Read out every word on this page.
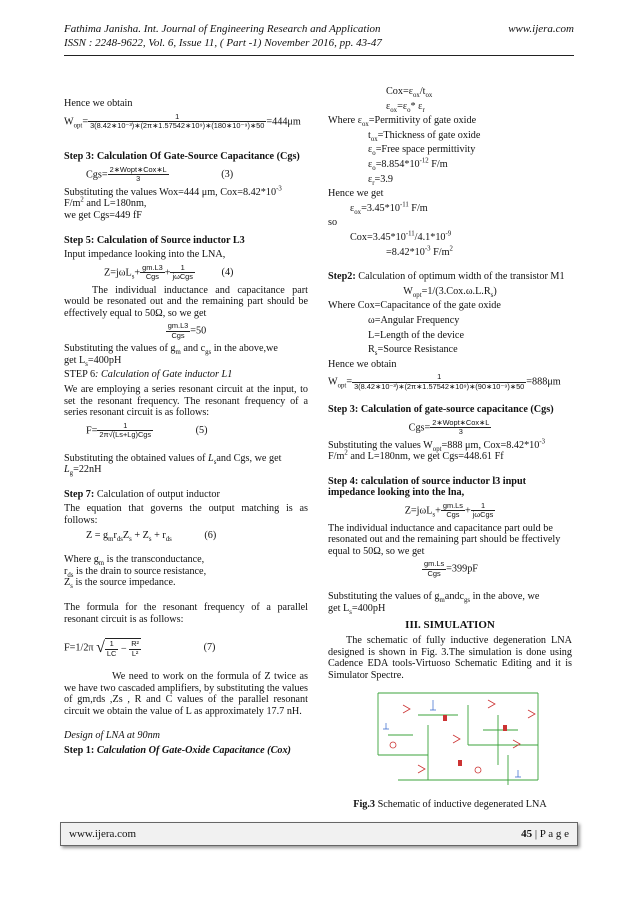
Fathima Janisha. Int. Journal of Engineering Research and Application	www.ijera.com
ISSN : 2248-9622, Vol. 6, Issue 11, ( Part -1) November 2016, pp. 43-47
Hence we obtain
$W_{opt}= \frac{1}{\text{3(8.42∗10⁻³)∗(2π∗1.57542∗10⁹)∗(180∗10⁻⁹)∗50}} =444\mu m$
Step 3: Calculation Of Gate-Source Capacitance (Cgs)
$Cgs= \frac{\text{2∗Wopt∗Cox∗L}}{3}$	(3)
Substituting the values Wox=444 μm, $Cox=8.42*10^{-3}$
$F/m^2$ and L=180nm,
we get Cgs=449 fF
Step 5: Calculation of Source inductor L3
Input impedance looking into the LNA,
$Z=j\omega L_s+ \frac{gm.L3}{\text{Cgs}} + \frac{1}{\text{jωCgs}}$	(4)
The individual inductance and capacitance part would be resonated out and the remaining part should be effectively equal to 50Ω, so we get
$\frac{gm.L3}{\text{Cgs}} =50$
Substituting the values of $g_m$ and $c_{gs}$ in the above,we
get $L_s=400pH$
STEP 6: Calculation of Gate inductor L1
We are employing a series resonant circuit at the input, to set the resonant frequency. The resonant frequency of a series resonant circuit is as follows:
$F= \frac{1}{\text{2π√(Ls+Lg)Cgs}}$	(5)
Substituting the obtained values of $L_sand$ Cgs, we get
$L_g=22nH$
Step 7: Calculation of output inductor
The equation that governs the output matching is as follows:
$Z = g_mr_{ds}Z_s + Z_s + r_{ds}$	(6)
Where $g_m$ is the transconductance,
$r_{ds}$ is the drain to source resistance,
$Z_s$ is the source impedance.
The formula for the resonant frequency of a parallel resonant circuit is as follows:
F=1/2π √ $\frac{1}{LC} - \frac{\text{R²}}{\text{L²}}$	(7)
We need to work on the formula of Z twice as we have two cascaded amplifiers, by substituting the values of gm,rds ,Zs , R and C values of the parallel resonant circuit we obtain the value of L as approximately 17.7 nH.
Design of LNA at 90nm
Step 1: Calculation Of Gate-Oxide Capacitance (Cox)
$Cox=\varepsilon_{ox}/t_{ox}$
$\varepsilon_{ox}=\varepsilon_o*$ $\varepsilon_r$
Where $\varepsilon_{ox}=Permitivity$ of gate oxide
$t_{ox}=Thickness$ of gate oxide
$\varepsilon_o=Free$ space permittivity
$\varepsilon_o=8.854*10^{-12}$ F/m
$\varepsilon_r=3.9$
Hence we get
$\varepsilon_{ox}=3.45*10^{-11}$ F/m
so
$Cox=3.45*10^{-11}/4.1*10^{-9}$
$=8.42*10^{-3}$ $F/m^2$
Step2: Calculation of optimum width of the transistor M1
$W_{opt}=1/(3.Cox.\omega.L.R_s)$
Where Cox=Capacitance of the gate oxide
ω=Angular Frequency
L=Length of the device
$R_s=Source$ Resistance
Hence we obtain
$W_{opt}= \frac{1}{\text{3(8.42∗10⁻³)∗(2π∗1.57542∗10⁹)∗(90∗10⁻⁹)∗50}} =888\mu m$
Step 3: Calculation of gate-source capacitance (Cgs)
$Cgs= \frac{\text{2∗Wopt∗Cox∗L}}{3}$
Substituting the values $W_{opt}=888$ μm, $Cox=8.42*10^{-3}$
$F/m^2$ and L=180nm, we get Cgs=448.61 Ff
Step 4: calculation of source inductor l3 input impedance looking into the lna,
$Z=j\omega L_s+ \frac{gm.Ls}{\text{Cgs}} + \frac{1}{\text{jωCgs}}$
The individual inductance and capacitance part ould be resonated out and the remaining part should be ffectively equal to 50Ω, so we get
$\frac{gm.Ls}{\text{Cgs}} =399pF$
Substituting the values of $g_mandc_{gs}$ in the above, we
get $L_s=400pH$
III. SIMULATION
The schematic of fully inductive degeneration LNA designed is shown in Fig. 3.The simulation is done using Cadence EDA tools-Virtuoso Schematic Editing and it is Simulator Spectre.
Fig.3 Schematic of inductive degenerated LNA
www.ijera.com	45 | P a g e
